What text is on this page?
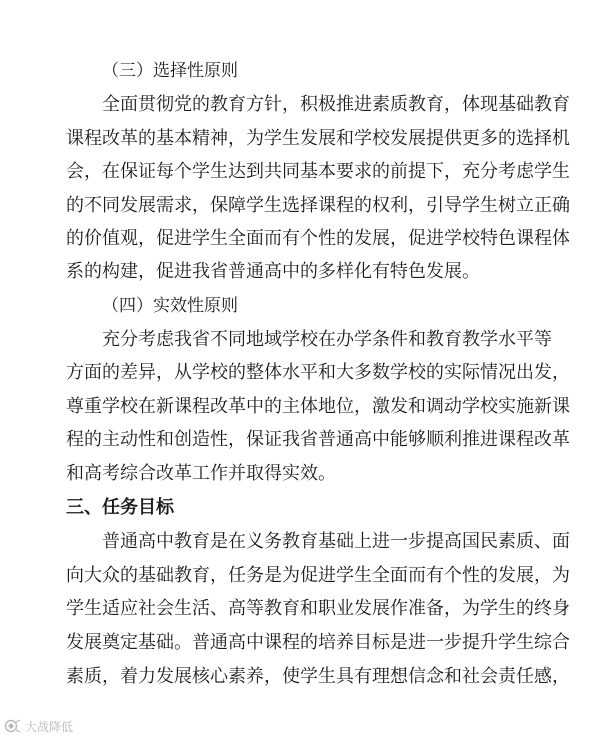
（三）选择性原则
全面贯彻党的教育方针，积极推进素质教育，体现基础教育
课程改革的基本精神，为学生发展和学校发展提供更多的选择机
会，在保证每个学生达到共同基本要求的前提下，充分考虑学生
的不同发展需求，保障学生选择课程的权利，引导学生树立正确
的价值观，促进学生全面而有个性的发展，促进学校特色课程体
系的构建，促进我省普通高中的多样化有特色发展。
（四）实效性原则
充分考虑我省不同地域学校在办学条件和教育教学水平等
方面的差异，从学校的整体水平和大多数学校的实际情况出发，
尊重学校在新课程改革中的主体地位，激发和调动学校实施新课
程的主动性和创造性，保证我省普通高中能够顺利推进课程改革
和高考综合改革工作并取得实效。
三、任务目标
普通高中教育是在义务教育基础上进一步提高国民素质、面
向大众的基础教育，任务是为促进学生全面而有个性的发展，为
学生适应社会生活、高等教育和职业发展作准备，为学生的终身
发展奠定基础。普通高中课程的培养目标是进一步提升学生综合
素质，着力发展核心素养，使学生具有理想信念和社会责任感，
大战降低
